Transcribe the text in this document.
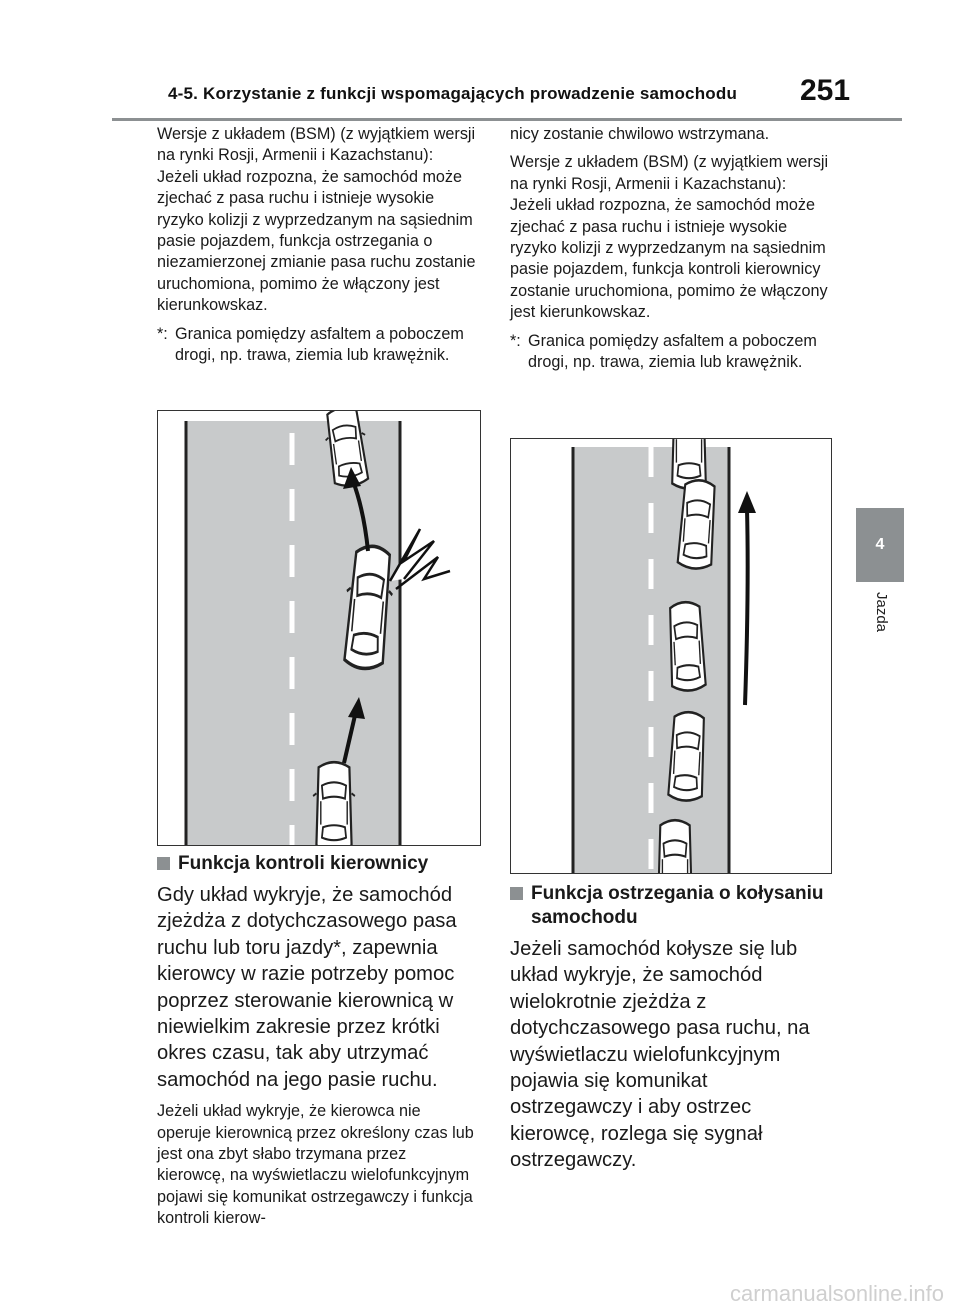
4-5. Korzystanie z funkcji wspomagających prowadzenie samochodu 251
4
Jazda

Wersje z układem (BSM) (z wyjątkiem wersji na rynki Rosji, Armenii i Kazachstanu): Jeżeli układ rozpozna, że samochód może zjechać z pasa ruchu i istnieje wysokie ryzyko kolizji z wyprzedzanym na sąsiednim pasie pojazdem, funkcja ostrzegania o niezamierzonej zmianie pasa ruchu zostanie uruchomiona, pomimo że włączony jest kierunkowskaz.

*: Granica pomiędzy asfaltem a poboczem drogi, np. trawa, ziemia lub krawężnik.
Funkcja kontroli kierownicy

Gdy układ wykryje, że samochód zjeżdża z dotychczasowego pasa ruchu lub toru jazdy*, zapewnia kierowcy w razie potrzeby pomoc poprzez sterowanie kierownicą w niewielkim zakresie przez krótki okres czasu, tak aby utrzymać samochód na jego pasie ruchu.

Jeżeli układ wykryje, że kierowca nie operuje kierownicą przez określony czas lub jest ona zbyt słabo trzymana przez kierowcę, na wyświetlaczu wielofunkcyjnym pojawi się komunikat ostrzegawczy i funkcja kontroli kierow-

nicy zostanie chwilowo wstrzymana.

Wersje z układem (BSM) (z wyjątkiem wersji na rynki Rosji, Armenii i Kazachstanu): Jeżeli układ rozpozna, że samochód może zjechać z pasa ruchu i istnieje wysokie ryzyko kolizji z wyprzedzanym na sąsiednim pasie pojazdem, funkcja kontroli kierownicy zostanie uruchomiona, pomimo że włączony jest kierunkowskaz.

*: Granica pomiędzy asfaltem a poboczem drogi, np. trawa, ziemia lub krawężnik.
Funkcja ostrzegania o kołysaniu samochodu

Jeżeli samochód kołysze się lub układ wykryje, że samochód wielokrotnie zjeżdża z dotychczasowego pasa ruchu, na wyświetlaczu wielofunkcyjnym pojawia się komunikat ostrzegawczy i aby ostrzec kierowcę, rozlega się sygnał ostrzegawczy.

carmanualsonline.info
